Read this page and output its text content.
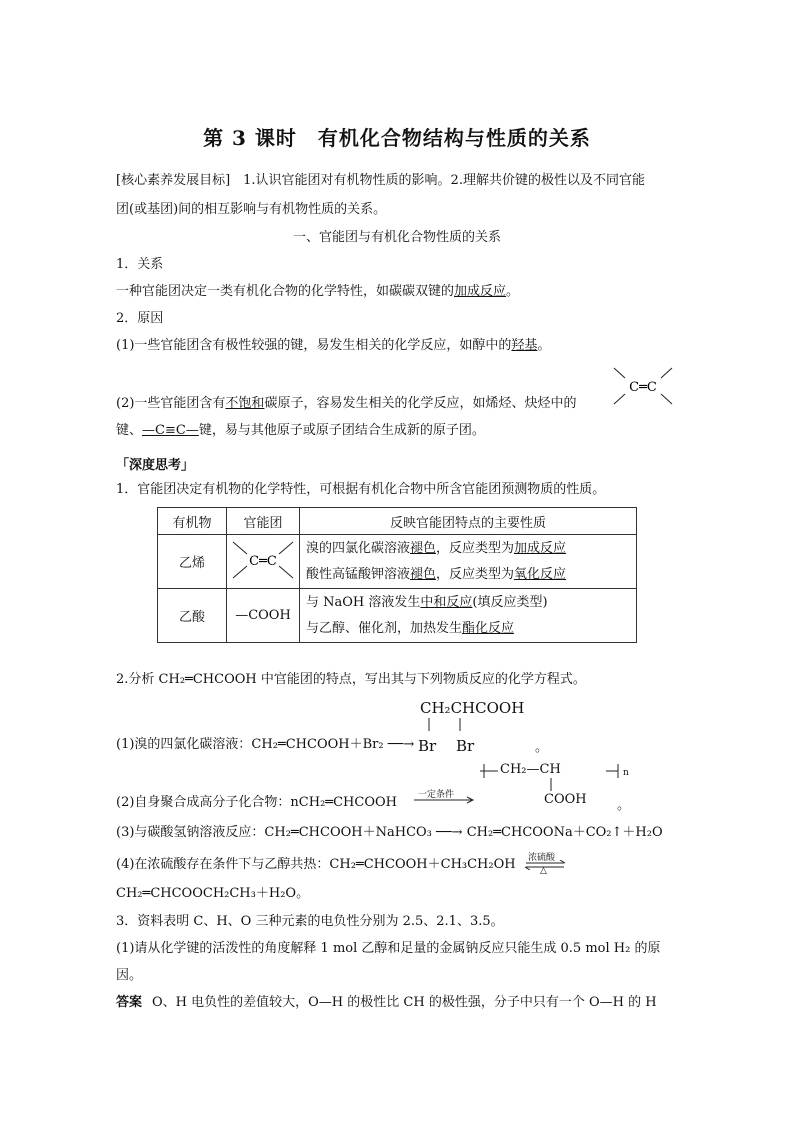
第 3 课时　有机化合物结构与性质的关系
[核心素养发展目标]　1.认识官能团对有机物性质的影响。2.理解共价键的极性以及不同官能
团(或基团)间的相互影响与有机物性质的关系。
一、官能团与有机化合物性质的关系
1．关系
一种官能团决定一类有机化合物的化学特性，如碳碳双键的加成反应。
2．原因
(1)一些官能团含有极性较强的键，易发生相关的化学反应，如醇中的羟基。
C═C
(2)一些官能团含有不饱和碳原子，容易发生相关的化学反应，如烯烃、炔烃中的
键、—C≡C—键，易与其他原子或原子团结合生成新的原子团。
「深度思考」
1．官能团决定有机物的化学特性，可根据有机化合物中所含官能团预测物质的性质。
有机物	官能团	反映官能团特点的主要性质
乙烯	C═C	溴的四氯化碳溶液褪色，反应类型为加成反应
酸性高锰酸钾溶液褪色，反应类型为氧化反应

乙酸	—COOH	与 NaOH 溶液发生中和反应(填反应类型)
与乙醇、催化剂，加热发生酯化反应
2.分析 CH₂═CHCOOH 中官能团的特点，写出其与下列物质反应的化学方程式。
CH₂CHCOOH
Br　 Br
(1)溴的四氯化碳溶液：CH₂═CHCOOH＋Br₂ ──→	。
CH₂—CH	n
COOH
(2)自身聚合成高分子化合物：nCH₂═CHCOOH 一定条件
。
(3)与碳酸氢钠溶液反应：CH₂═CHCOOH＋NaHCO₃ ──→ CH₂═CHCOONa＋CO₂↑＋H₂O
(4)在浓硫酸存在条件下与乙醇共热：CH₂═CHCOOH＋CH₃CH₂OH 浓硫酸
△
CH₂═CHCOOCH₂CH₃＋H₂O。
3．资料表明 C、H、O 三种元素的电负性分别为 2.5、2.1、3.5。
(1)请从化学键的活泼性的角度解释 1 mol 乙醇和足量的金属钠反应只能生成 0.5 mol H₂ 的原
因。
答案 O、H 电负性的差值较大，O—H 的极性比 CH 的极性强，分子中只有一个 O—H 的 H
